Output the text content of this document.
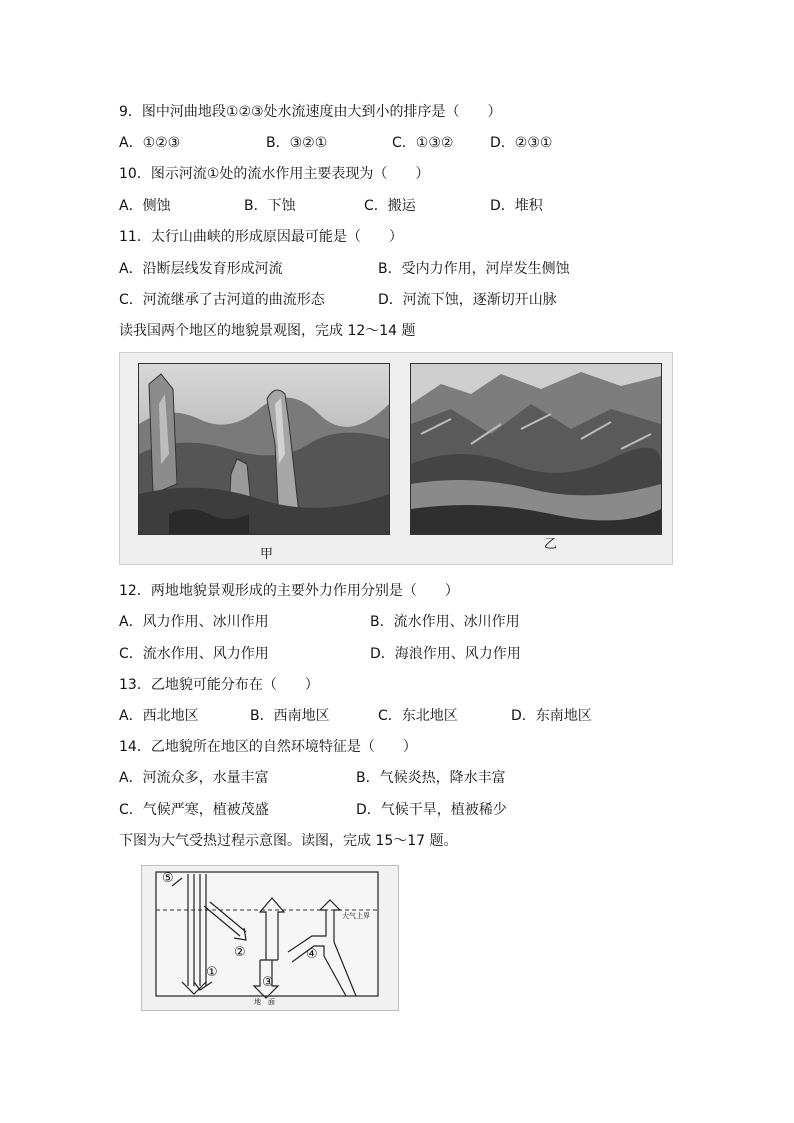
9．图中河曲地段①②③处水流速度由大到小的排序是（　　）
A．①②③	B．③②①	C．①③②	D．②③①
10．图示河流①处的流水作用主要表现为（　　）
A．侧蚀	B．下蚀	C．搬运	D．堆积
11．太行山曲峡的形成原因最可能是（　　）
A．沿断层线发育形成河流	B．受内力作用，河岸发生侧蚀
C．河流继承了古河道的曲流形态	D．河流下蚀，逐渐切开山脉
读我国两个地区的地貌景观图，完成 12～14 题
甲
乙
12．两地地貌景观形成的主要外力作用分别是（　　）
A．风力作用、冰川作用	B．流水作用、冰川作用
C．流水作用、风力作用	D．海浪作用、风力作用
13．乙地貌可能分布在（　　）
A．西北地区	B．西南地区	C．东北地区	D．东南地区
14．乙地貌所在地区的自然环境特征是（　　）
A．河流众多，水量丰富	B．气候炎热，降水丰富
C．气候严寒，植被茂盛	D．气候干旱，植被稀少
下图为大气受热过程示意图。读图，完成 15～17 题。
⑤
②
①
③
④
大气上界
地　面
